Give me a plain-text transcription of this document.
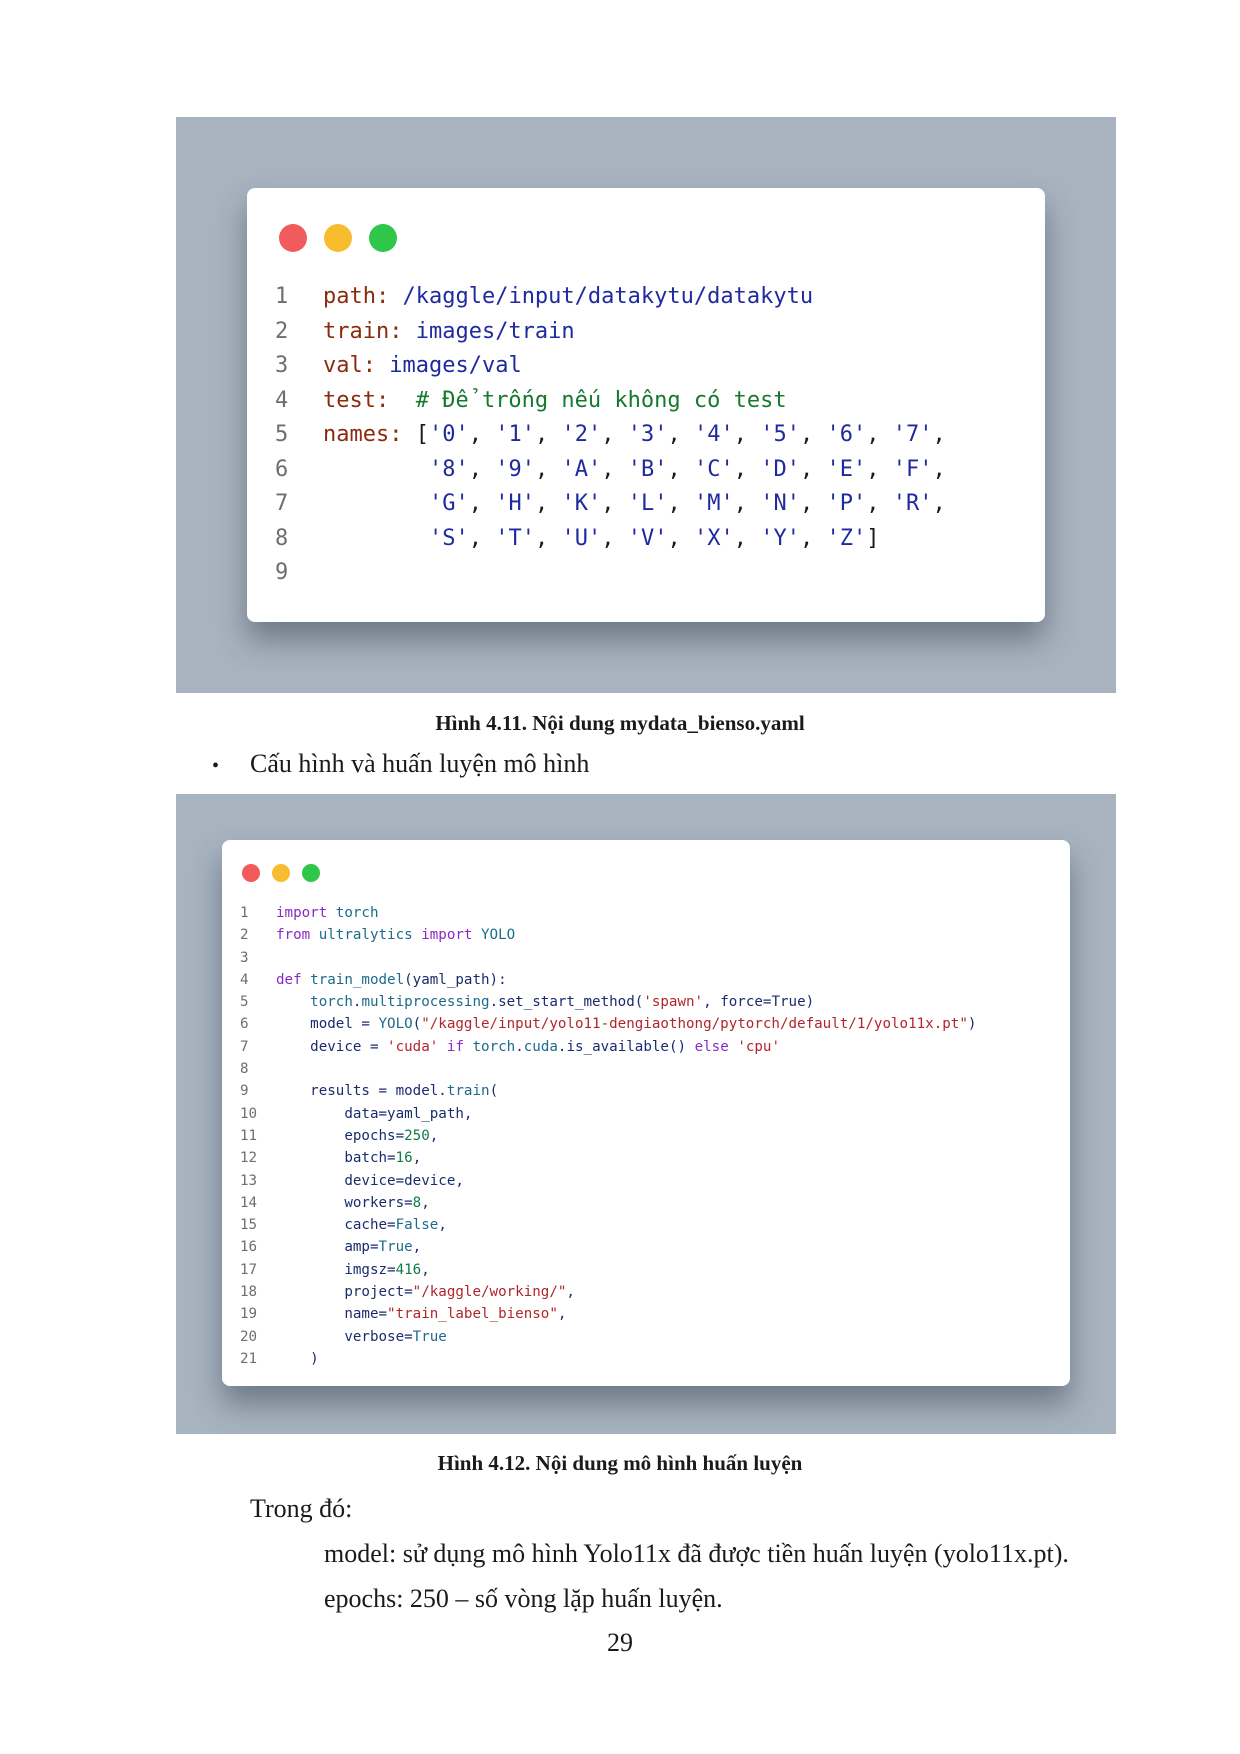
1	path: /kaggle/input/datakytu/datakytu
2	train: images/train
3	val: images/val
4	test:  # Để trống nếu không có test
5	names: ['0', '1', '2', '3', '4', '5', '6', '7',
6	'8', '9', 'A', 'B', 'C', 'D', 'E', 'F',
7	'G', 'H', 'K', 'L', 'M', 'N', 'P', 'R',
8	'S', 'T', 'U', 'V', 'X', 'Y', 'Z']
9
Hình 4.11. Nội dung mydata_bienso.yaml
• Cấu hình và huấn luyện mô hình
1	import torch
2	from ultralytics import YOLO
3
4	def train_model(yaml_path):
5	torch.multiprocessing.set_start_method('spawn', force=True)
6	model = YOLO("/kaggle/input/yolo11-dengiaothong/pytorch/default/1/yolo11x.pt")
7	device = 'cuda' if torch.cuda.is_available() else 'cpu'
8
9	results = model.train(
10	data=yaml_path,
11	epochs=250,
12	batch=16,
13	device=device,
14	workers=8,
15	cache=False,
16	amp=True,
17	imgsz=416,
18	project="/kaggle/working/",
19	name="train_label_bienso",
20	verbose=True
21	)
Hình 4.12. Nội dung mô hình huấn luyện
Trong đó:
model: sử dụng mô hình Yolo11x đã được tiền huấn luyện (yolo11x.pt).
epochs: 250 – số vòng lặp huấn luyện.
29
